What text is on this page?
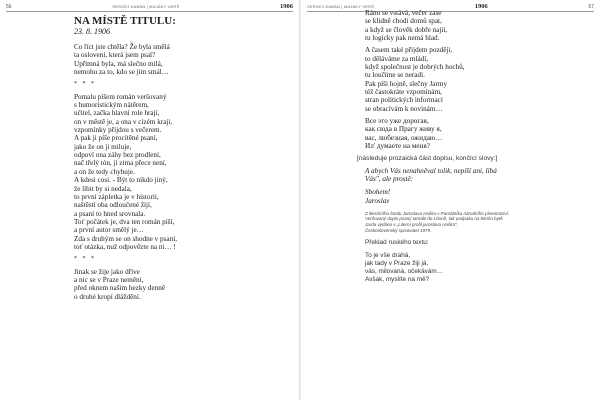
56	SERGEJ KABÁN | MAJÁKY VERŠ	1906

NA MÍSTĚ TITULU:

23. 8. 1906

Co říct jste chtěla? Že byla smělá
ta oslovení, která jsem psal?
Upřímná byla, má slečno milá,
nemohu za to, kdo se jim smál…
* * *
Pomalu píšem román veršovaný
s humoristickým nátěrem,
učitel, začka hlavní role hrají,
on v městě je, a ona v cizém kraji,
vzpomínky přijdou s večerem.
A pak ji píše procítěné psaní,
jako že on ji miluje,
odpoví ona záhy bez prodlení,
nač třelý tón, ji zima přece není,
a on že tedy chybuje.
A kdesi cosi. - Být to nikdo jiný,
že líbit by si nedala,
to první zápletka je v historii,
naštěstí oba odloučené žijí,
a psaní to hned srovnala.
Toť počátek je, dva ten román píší,
a první autor smělý je…
Zda s druhým se on shodne v psaní,
toť otázka, nuž odpovězte na ni… !
* * *
Jinak se žije jako dříve
a nic se v Praze nemění,
před oknem našim hezky denně
o druhé kropí dláždění.
SERGEJ KABÁN | MAJÁKY VERŠ	1906	57
Ráno se vstává, večer zase
se klidně chodí domů spat,
a když se člověk dobře najií,
tu logicky pak nemá hlad.
A časem také přijdem později,
to děláváme za mládí,
když společnost je dobrých hochů,
tu loučíme se neradi.
Pak píši hojně, slečny Jarmy
též častokráte vzpomínám,
stran politických informací
se obracívám k novinám…
Все это уже дорогая,
как сюда в Прагу живу я,
вас, любезная, ожидаю…
Ил' думаете на меня?
[následuje prozaická část dopisu, končící slovy:]
A abych Vás nenahněval tolik, nepíší ani, líbá
Vás", ale prostě:
Sbohem!
Jaroslav
Z literárního fondu Jaroslava Haška v Památníku národního písemnictví.
Veršovaný dopis psaný tarmile do Lítoně, tak podpaku na letním bytě.
Jarda vydáno v „Literní profil jaroslava Haška",
Československý spisovatel 1979.
Překlad ruského textu:
To je vše drahá,
jak tady v Praze žiji já,
vás, milovaná, očekávám…
Avšak, myslíte na mě?
